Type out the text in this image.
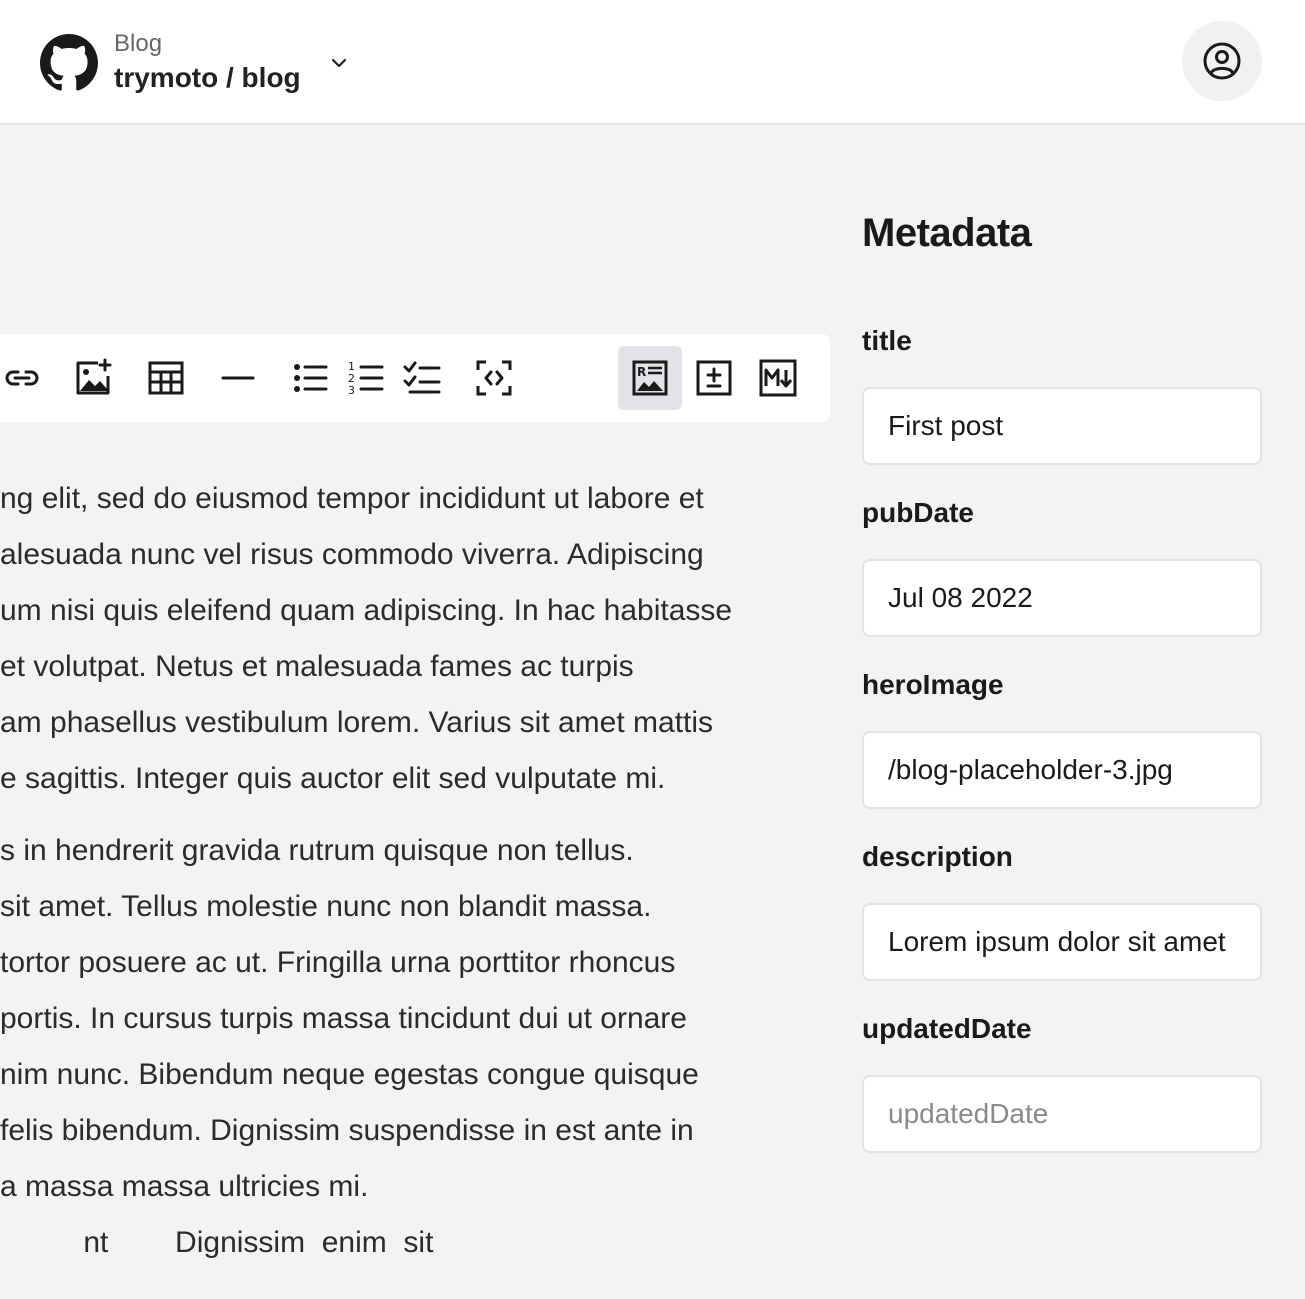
Blog
trymoto / blog
1
2
3
R
ng elit, sed do eiusmod tempor incididunt ut labore et
alesuada nunc vel risus commodo viverra. Adipiscing
um nisi quis eleifend quam adipiscing. In hac habitasse
et volutpat. Netus et malesuada fames ac turpis
am phasellus vestibulum lorem. Varius sit amet mattis
e sagittis. Integer quis auctor elit sed vulputate mi.
s in hendrerit gravida rutrum quisque non tellus.
sit amet. Tellus molestie nunc non blandit massa.
tortor posuere ac ut. Fringilla urna porttitor rhoncus
portis. In cursus turpis massa tincidunt dui ut ornare
nim nunc. Bibendum neque egestas congue quisque
felis bibendum. Dignissim suspendisse in est ante in
a massa massa ultricies mi.
nt        Dignissim  enim  sit
Metadata
title
First post
pubDate
Jul 08 2022
heroImage
/blog-placeholder-3.jpg
description
Lorem ipsum dolor sit amet
updatedDate
updatedDate
